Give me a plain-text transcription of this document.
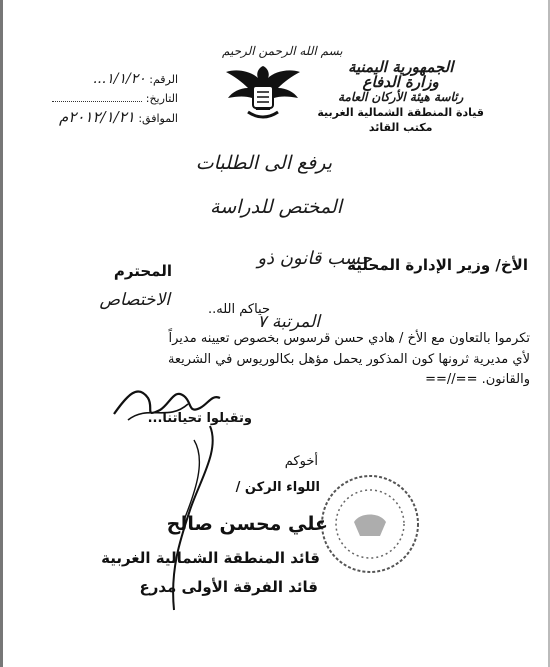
الجمهورية اليمنية
وزارة الدفاع
رئاسة هيئة الأركان العامة
قيادة المنطقة الشمالية الغربية
مكتب القائد
بسم الله الرحمن الرحيم
الرقم: ١/١/٢٠...
التاريخ:
الموافق: ٢٠١٢/١/٢١م
يرفع الى الطلبات
المختص للدراسة
حسب قانون ذو
الاختصاص
المرتبة ٧
الأخ/ وزير الإدارة المحلية
المحترم
حياكم الله..
تكرموا بالتعاون مع الأخ / هادي حسن قرسوس بخصوص تعيينه مديراً
لأي مديرية ثرونها كون المذكور يحمل مؤهل بكالوريوس في الشريعة
والقانون. ==//==
وتقبلوا تحياتنا...
أخوكم
اللواء الركن /
علي محسن صالح
قائد المنطقة الشمالية الغربية
قائد الفرقة الأولى مدرع
